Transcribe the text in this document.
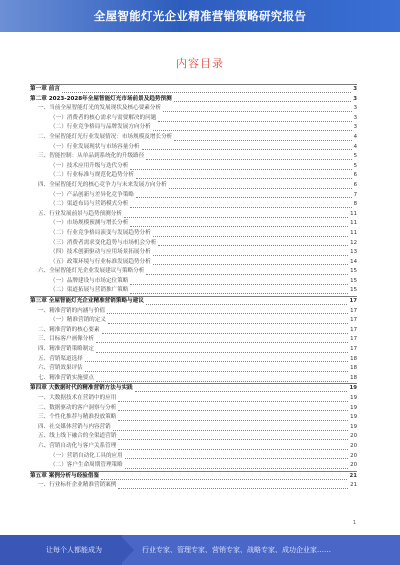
全屋智能灯光企业精准营销策略研究报告
内容目录
第一章 前言	3
第二章 2023-2028年全屋智能灯光市场前景及趋势预测	3
一、当前全屋智能灯光的发展现状及核心要素分析	3
（一）消费者的核心需求与需要解决的问题	3
（二）行业竞争格局与品牌发展方向分析	3
二、全屋智能灯光行业发展情况：市场规模及增长分析	4
（一）行业发展现状与市场容量分析	4
三、智能控制：从单品到系统化的升级路径	5
（一）技术应用升级与迭代分析	5
（二）行业标准与规范化趋势分析	6
四、全屋智能灯光的核心竞争力与未来发展方向分析	6
（一）产品创新与差异化竞争策略	7
（二）渠道布局与营销模式分析	8
五、行业发展前景与趋势预测分析	11
（一）市场规模预测与增长分析	11
（二）行业竞争格局演变与发展趋势分析	11
（三）消费者需求变化趋势与市场机会分析	12
（四）技术创新驱动与应用场景拓展分析	13
（五）政策环境与行业标准发展趋势分析	14
六、全屋智能灯光企业发展建议与策略分析	15
（一）品牌建设与市场定位策略	15
（二）渠道拓展与营销推广策略	15
第三章 全屋智能灯光企业精准营销策略与建议	17
一、精准营销的内涵与价值	17
（一）精准营销的定义	17
二、精准营销的核心要素	17
三、目标客户画像分析	17
四、精准营销策略制定	17
五、营销渠道选择	18
六、营销效果评估	18
七、精准营销实施要点	18
第四章 大数据时代的精准营销方法与实践	19
一、大数据技术在营销中的应用	19
二、数据驱动的客户洞察与分析	19
三、个性化推荐与精准投放策略	19
四、社交媒体营销与内容营销	19
五、线上线下融合的全渠道营销	20
六、营销自动化与客户关系管理	20
（一）营销自动化工具的应用	20
（二）客户生命周期管理策略	20
第五章 案例分析与经验借鉴	21
一、行业标杆企业精准营销案例	21
1
让每个人都能成为	行业专家、管理专家、营销专家、战略专家、成功企业家……
